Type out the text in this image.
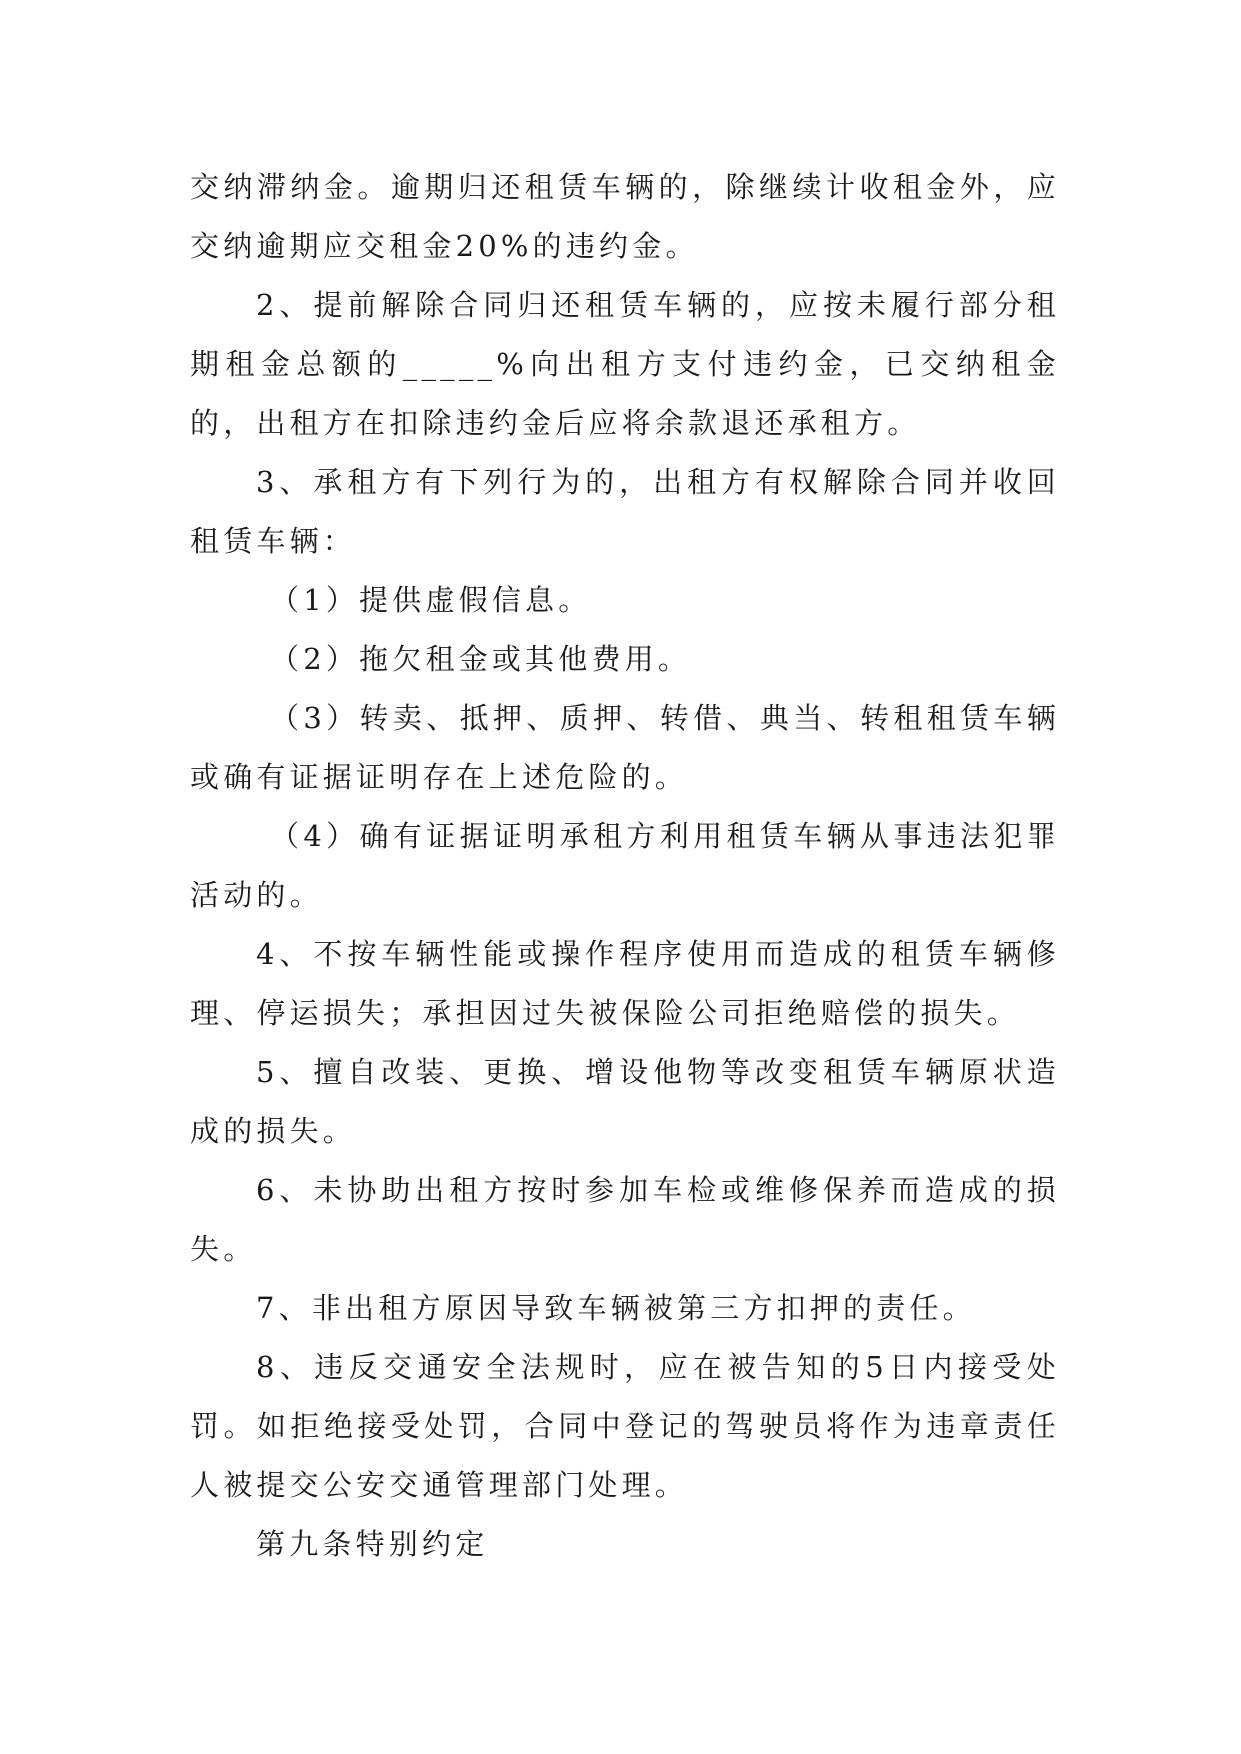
交纳滞纳金。逾期归还租赁车辆的，除继续计收租金外，应交纳逾期应交租金20%的违约金。

2、提前解除合同归还租赁车辆的，应按未履行部分租期租金总额的_____%向出租方支付违约金，已交纳租金的，出租方在扣除违约金后应将余款退还承租方。

3、承租方有下列行为的，出租方有权解除合同并收回租赁车辆：

（1）提供虚假信息。

（2）拖欠租金或其他费用。

（3）转卖、抵押、质押、转借、典当、转租租赁车辆或确有证据证明存在上述危险的。

（4）确有证据证明承租方利用租赁车辆从事违法犯罪活动的。

4、不按车辆性能或操作程序使用而造成的租赁车辆修理、停运损失；承担因过失被保险公司拒绝赔偿的损失。

5、擅自改装、更换、增设他物等改变租赁车辆原状造成的损失。

6、未协助出租方按时参加车检或维修保养而造成的损失。

7、非出租方原因导致车辆被第三方扣押的责任。

8、违反交通安全法规时，应在被告知的5日内接受处罚。如拒绝接受处罚，合同中登记的驾驶员将作为违章责任人被提交公安交通管理部门处理。

第九条特别约定
